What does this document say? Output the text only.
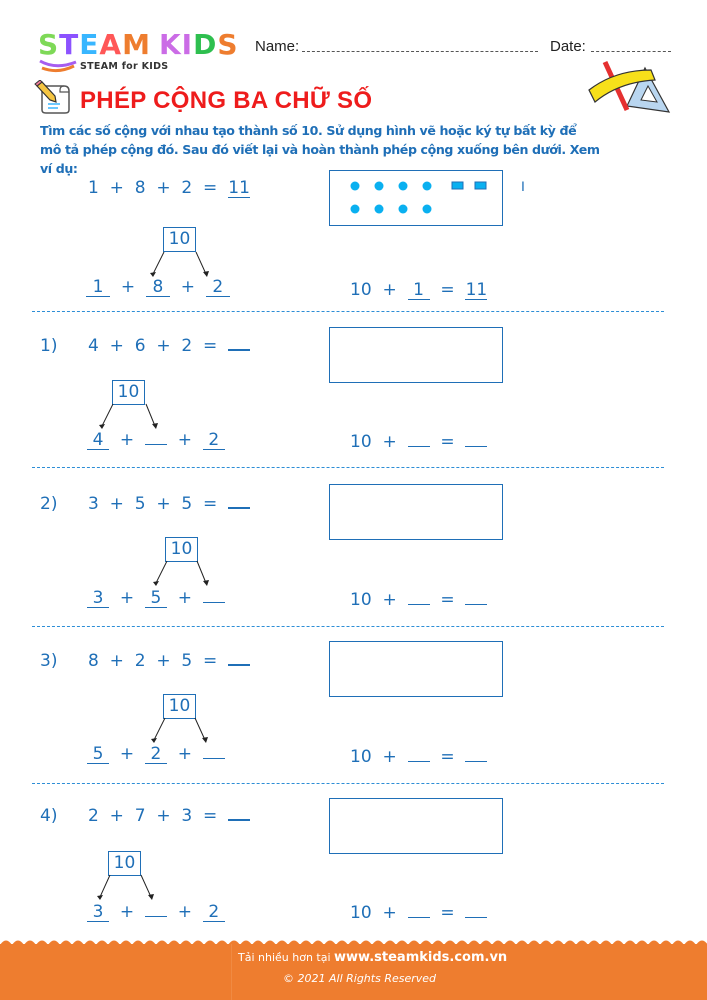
STEAM KIDS
STEAM for KIDS
Name:	Date:
PHÉP CỘNG BA CHỮ SỐ
Tìm các số cộng với nhau tạo thành số 10. Sử dụng hình vẽ hoặc ký tự bất kỳ để mô tả phép cộng đó. Sau đó viết lại và hoàn thành phép cộng xuống bên dưới. Xem ví dụ:
1 + 8 + 2 = 11
10
1 + 8 + 2
I
10 + 1 = 11
1) 4 + 6 + 2 =
10
4 +	+ 2	10 +	=
2) 3 + 5 + 5 =
10
3 + 5 +	10 +	=
3) 8 + 2 + 5 =
10
5 + 2 +	10 +	=
4) 2 + 7 + 3 =
10
3 +	+ 2	10 +	=
Tải nhiều hơn tại www.steamkids.com.vn
© 2021 All Rights Reserved
